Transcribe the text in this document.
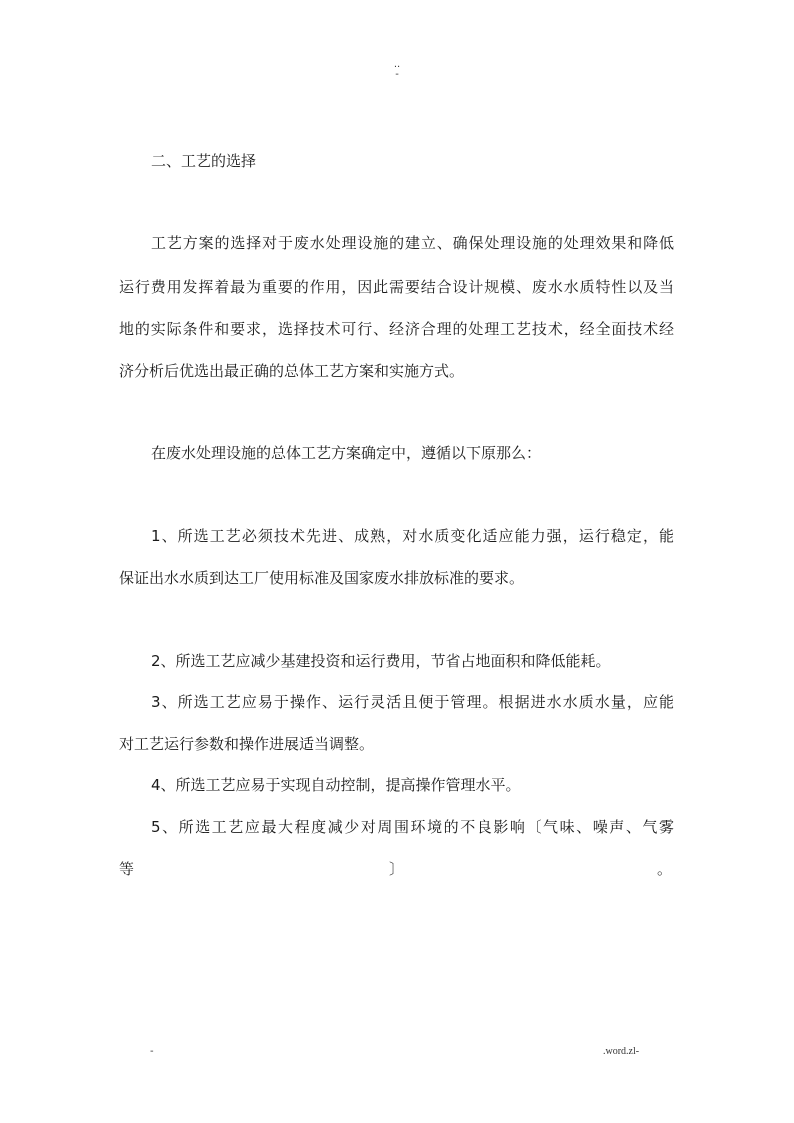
..
-
二、工艺的选择
工艺方案的选择对于废水处理设施的建立、确保处理设施的处理效果和降低
运行费用发挥着最为重要的作用，因此需要结合设计规模、废水水质特性以及当
地的实际条件和要求，选择技术可行、经济合理的处理工艺技术，经全面技术经
济分析后优选出最正确的总体工艺方案和实施方式。
在废水处理设施的总体工艺方案确定中，遵循以下原那么：
1、所选工艺必须技术先进、成熟，对水质变化适应能力强，运行稳定，能
保证出水水质到达工厂使用标准及国家废水排放标准的要求。
2、所选工艺应减少基建投资和运行费用，节省占地面积和降低能耗。
3、所选工艺应易于操作、运行灵活且便于管理。根据进水水质水量，应能
对工艺运行参数和操作进展适当调整。
4、所选工艺应易于实现自动控制，提高操作管理水平。
5、所选工艺应最大程度减少对周围环境的不良影响〔气味、噪声、气雾
等	〕	。
-	.word.zl-
